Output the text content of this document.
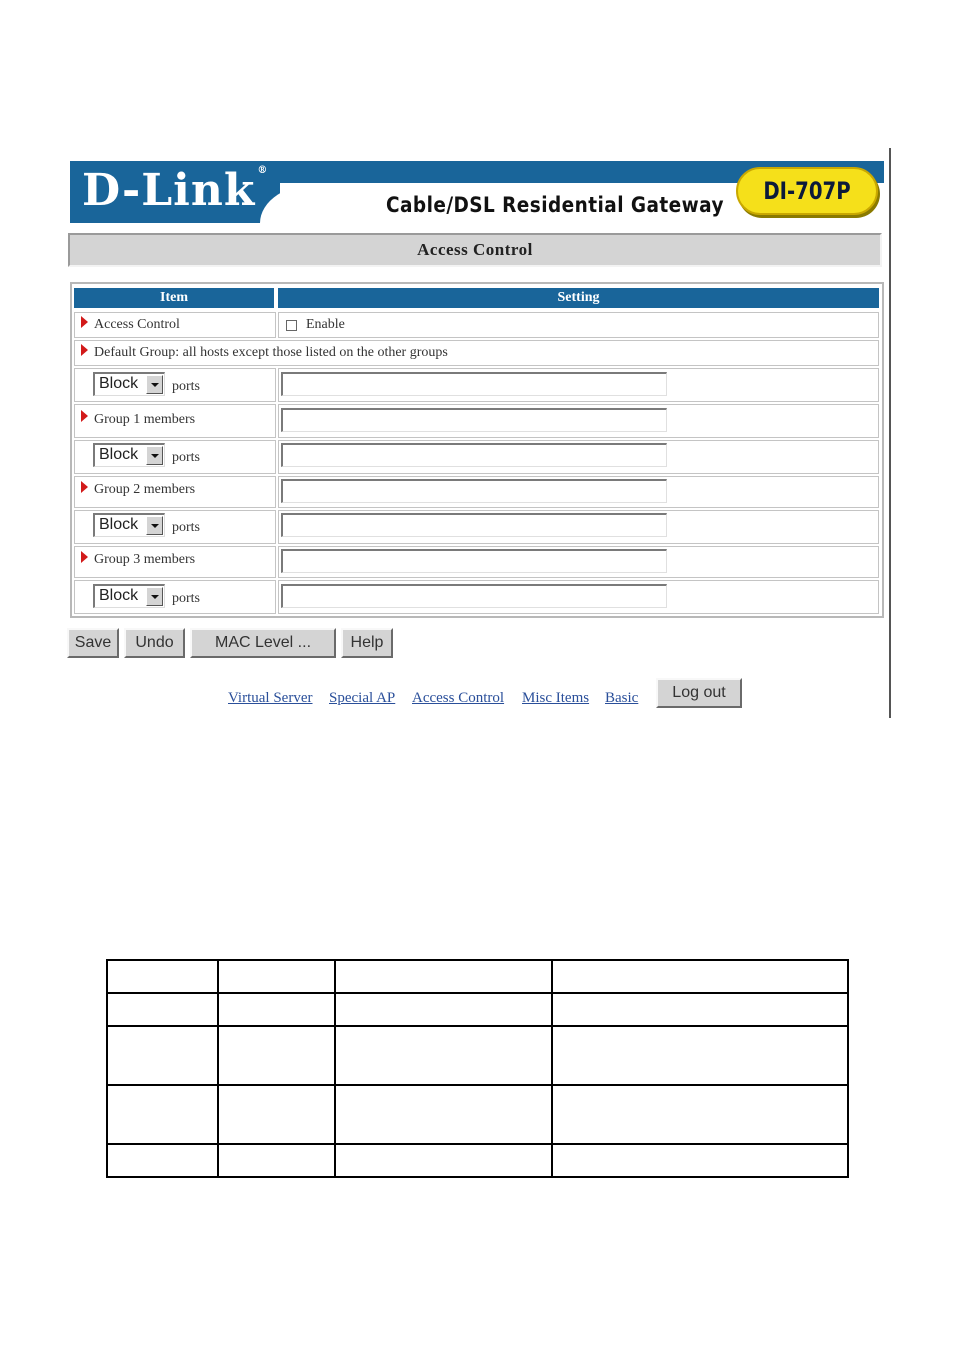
D-Link ®
Cable/DSL Residential Gateway	DI-707P
Access Control
Item	Setting
Access Control	Enable
Default Group: all hosts except those listed on the other groups
Block ports
Group 1 members
Block ports
Group 2 members
Block ports
Group 3 members
Block ports
Save	Undo	MAC Level ...	Help
Virtual Server Special AP Access Control Misc Items Basic	Log out
